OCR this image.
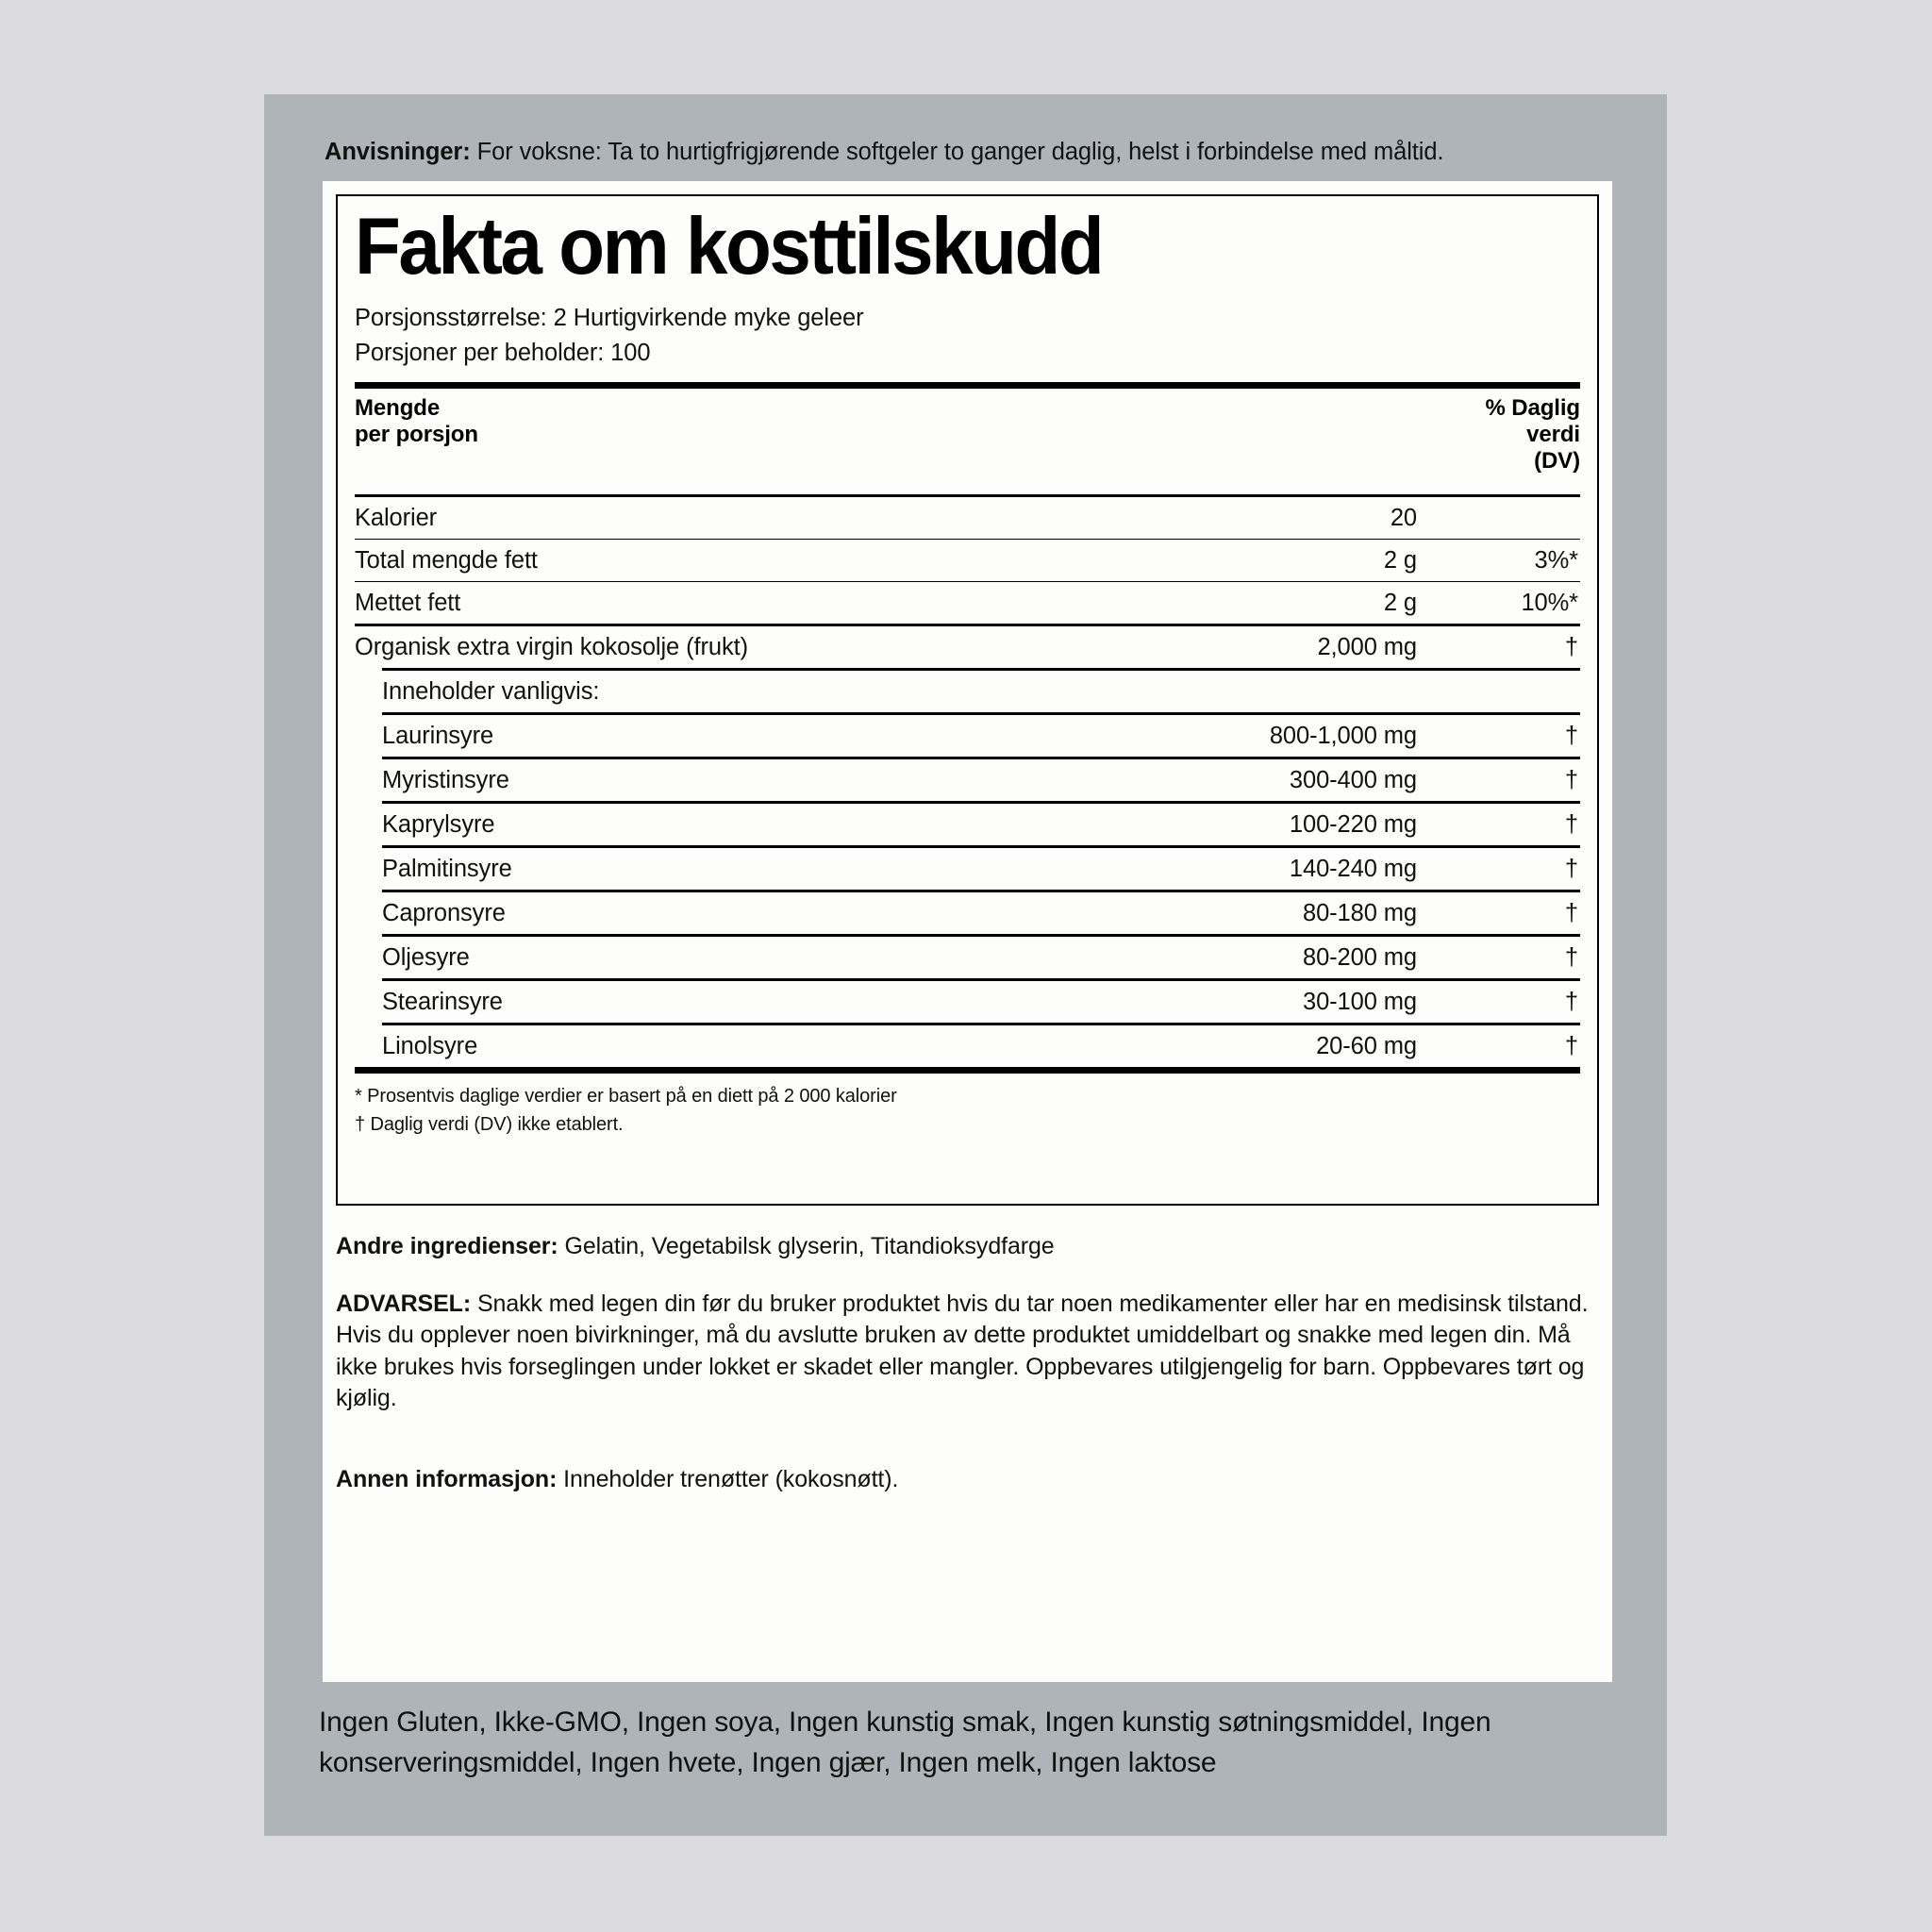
Anvisninger: For voksne: Ta to hurtigfrigjørende softgeler to ganger daglig, helst i forbindelse med måltid.
Fakta om kosttilskudd
Porsjonsstørrelse: 2 Hurtigvirkende myke geleer
Porsjoner per beholder: 100
Mengde
per porsjon
% Daglig
verdi
(DV)
Kalorier	20
Total mengde fett	2 g	3%*
Mettet fett	2 g	10%*
Organisk extra virgin kokosolje (frukt)	2,000 mg	†
Inneholder vanligvis:
Laurinsyre	800-1,000 mg	†
Myristinsyre	300-400 mg	†
Kaprylsyre	100-220 mg	†
Palmitinsyre	140-240 mg	†
Capronsyre	80-180 mg	†
Oljesyre	80-200 mg	†
Stearinsyre	30-100 mg	†
Linolsyre	20-60 mg	†
* Prosentvis daglige verdier er basert på en diett på 2 000 kalorier
† Daglig verdi (DV) ikke etablert.
Andre ingredienser: Gelatin, Vegetabilsk glyserin, Titandioksydfarge
ADVARSEL: Snakk med legen din før du bruker produktet hvis du tar noen medikamenter eller har en medisinsk tilstand. Hvis du opplever noen bivirkninger, må du avslutte bruken av dette produktet umiddelbart og snakke med legen din. Må ikke brukes hvis forseglingen under lokket er skadet eller mangler. Oppbevares utilgjengelig for barn. Oppbevares tørt og kjølig.
Annen informasjon: Inneholder trenøtter (kokosnøtt).
Ingen Gluten, Ikke-GMO, Ingen soya, Ingen kunstig smak, Ingen kunstig søtningsmiddel, Ingen konserveringsmiddel, Ingen hvete, Ingen gjær, Ingen melk, Ingen laktose
